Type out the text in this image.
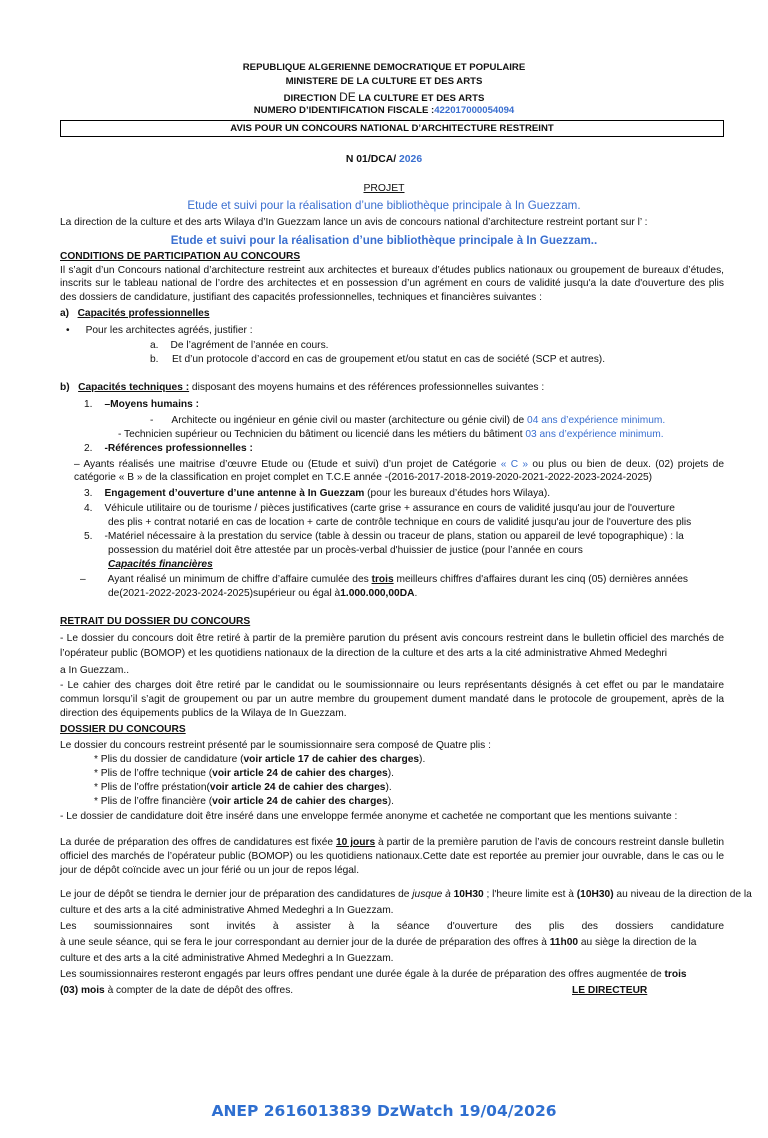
REPUBLIQUE ALGERIENNE DEMOCRATIQUE ET POPULAIRE
MINISTERE DE LA CULTURE ET DES ARTS
DIRECTION DE LA CULTURE ET DES ARTS
NUMERO D’IDENTIFICATION FISCALE :422017000054094
AVIS POUR UN CONCOURS NATIONAL D’ARCHITECTURE RESTREINT
N 01/DCA/ 2026
PROJET
Etude et suivi pour la réalisation d’une bibliothèque principale à In Guezzam.
La direction de la culture et des arts Wilaya d’In Guezzam lance un avis de concours national d’architecture restreint portant sur l’ :
Etude et suivi pour la réalisation d’une bibliothèque principale à In Guezzam..
CONDITIONS DE PARTICIPATION AU CONCOURS
Il s’agit d’un Concours national d’architecture restreint aux architectes et bureaux d’études publics nationaux ou groupement de bureaux d’études, inscrits sur le tableau national de l’ordre des architectes et en possession d’un agrément en cours de validité jusqu'a la date d'ouverture des plis des dossiers de candidature, justifiant des capacités professionnelles, techniques et financières suivantes :
a) Capacités professionnelles
• Pour les architectes agréés, justifier :
a. De l’agrément de l’année en cours.
b. Et d’un protocole d’accord en cas de groupement et/ou statut en cas de société (SCP et autres).
b) Capacités techniques : disposant des moyens humains et des références professionnelles suivantes :
1. –Moyens humains :
- Architecte ou ingénieur en génie civil ou master (architecture ou génie civil) de 04 ans d’expérience minimum.
- Technicien supérieur ou Technicien du bâtiment ou licencié dans les métiers du bâtiment 03 ans d’expérience minimum.
2. -Références professionnelles :
– Ayants réalisés une maitrise d’œuvre Etude ou (Etude et suivi) d’un projet de Catégorie « C » ou plus ou bien de deux. (02) projets de catégorie « B » de la classification en projet complet en T.C.E année -(2016-2017-2018-2019-2020-2021-2022-2023-2024-2025)
3. Engagement d’ouverture d’une antenne à In Guezzam (pour les bureaux d’études hors Wilaya).
4. Véhicule utilitaire ou de tourisme / pièces justificatives (carte grise + assurance en cours de validité jusqu'au jour de l'ouverture
des plis + contrat notarié en cas de location + carte de contrôle technique en cours de validité jusqu'au jour de l'ouverture des plis
5. -Matériel nécessaire à la prestation du service (table à dessin ou traceur de plans, station ou appareil de levé topographique) : la
possession du matériel doit être attestée par un procès-verbal d'huissier de justice (pour l’année en cours
Capacités financières
– Ayant réalisé un minimum de chiffre d’affaire cumulée des trois meilleurs chiffres d'affaires durant les cinq (05) dernières années
de(2021-2022-2023-2024-2025)supérieur ou égal à1.000.000,00DA.
RETRAIT DU DOSSIER DU CONCOURS
- Le dossier du concours doit être retiré à partir de la première parution du présent avis concours restreint dans le bulletin officiel des marchés de l’opérateur public (BOMOP) et les quotidiens nationaux de la direction de la culture et des arts a la cité administrative Ahmed Medeghri
a In Guezzam..
- Le cahier des charges doit être retiré par le candidat ou le soumissionnaire ou leurs représentants désignés à cet effet ou par le mandataire commun lorsqu’il s’agit de groupement ou par un autre membre du groupement dument mandaté dans le protocole de groupement, après de la direction des équipements publics de la Wilaya de In Guezzam.
DOSSIER DU CONCOURS
Le dossier du concours restreint présenté par le soumissionnaire sera composé de Quatre plis :
* Plis du dossier de candidature (voir article 17 de cahier des charges).
* Plis de l’offre technique (voir article 24 de cahier des charges).
* Plis de l’offre préstation(voir article 24 de cahier des charges).
* Plis de l’offre financière (voir article 24 de cahier des charges).
- Le dossier de candidature doit être inséré dans une enveloppe fermée anonyme et cachetée ne comportant que les mentions suivante :
La durée de préparation des offres de candidatures est fixée 10 jours à partir de la première parution de l’avis de concours restreint dansle bulletin officiel des marchés de l’opérateur public (BOMOP) ou les quotidiens nationaux.Cette date est reportée au premier jour ouvrable, dans le cas ou le jour de dépôt coïncide avec un jour férié ou un jour de repos légal.
Le jour de dépôt se tiendra le dernier jour de préparation des candidatures de jusque à 10H30 ; l'heure limite est à (10H30) au niveau de la direction de la
culture et des arts a la cité administrative Ahmed Medeghri a In Guezzam.
Les soumissionnaires sont invités à assister à la séance d'ouverture des plis des dossiers candidature
à une seule séance, qui se fera le jour correspondant au dernier jour de la durée de préparation des offres à 11h00 au siège la direction de la
culture et des arts a la cité administrative Ahmed Medeghri a In Guezzam.
Les soumissionnaires resteront engagés par leurs offres pendant une durée égale à la durée de préparation des offres augmentée de trois
(03) mois à compter de la date de dépôt des offres.	LE DIRECTEUR
ANEP 2616013839 DzWatch 19/04/2026
